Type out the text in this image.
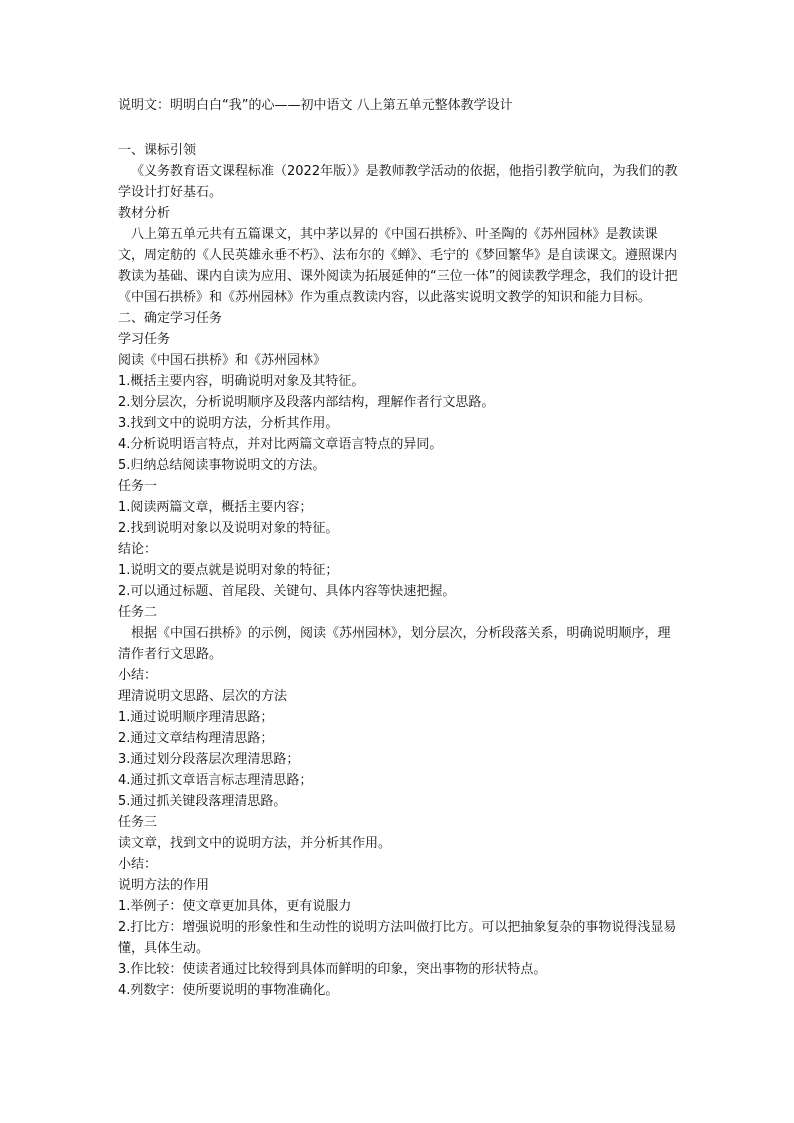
说明文：明明白白“我”的心——初中语文 八上第五单元整体教学设计

一、课标引领

《义务教育语文课程标准（2022年版）》是教师教学活动的依据，他指引教学航向，为我们的教学设计打好基石。

教材分析

八上第五单元共有五篇课文，其中茅以昇的《中国石拱桥》、叶圣陶的《苏州园林》是教读课文，周定舫的《人民英雄永垂不朽》、法布尔的《蝉》、毛宁的《梦回繁华》是自读课文。遵照课内教读为基础、课内自读为应用、课外阅读为拓展延伸的“三位一体”的阅读教学理念，我们的设计把《中国石拱桥》和《苏州园林》作为重点教读内容，以此落实说明文教学的知识和能力目标。

二、确定学习任务

学习任务

阅读《中国石拱桥》和《苏州园林》

1.概括主要内容，明确说明对象及其特征。

2.划分层次，分析说明顺序及段落内部结构，理解作者行文思路。

3.找到文中的说明方法，分析其作用。

4.分析说明语言特点，并对比两篇文章语言特点的异同。

5.归纳总结阅读事物说明文的方法。

任务一

1.阅读两篇文章，概括主要内容；

2.找到说明对象以及说明对象的特征。

结论：

1.说明文的要点就是说明对象的特征；

2.可以通过标题、首尾段、关键句、具体内容等快速把握。

任务二

根据《中国石拱桥》的示例，阅读《苏州园林》，划分层次，分析段落关系，明确说明顺序，理清作者行文思路。

小结：

理清说明文思路、层次的方法

1.通过说明顺序理清思路；

2.通过文章结构理清思路；

3.通过划分段落层次理清思路；

4.通过抓文章语言标志理清思路；

5.通过抓关键段落理清思路。

任务三

读文章，找到文中的说明方法，并分析其作用。

小结：

说明方法的作用

1.举例子：使文章更加具体，更有说服力

2.打比方：增强说明的形象性和生动性的说明方法叫做打比方。可以把抽象复杂的事物说得浅显易懂，具体生动。

3.作比较：使读者通过比较得到具体而鲜明的印象，突出事物的形状特点。

4.列数字：使所要说明的事物准确化。
